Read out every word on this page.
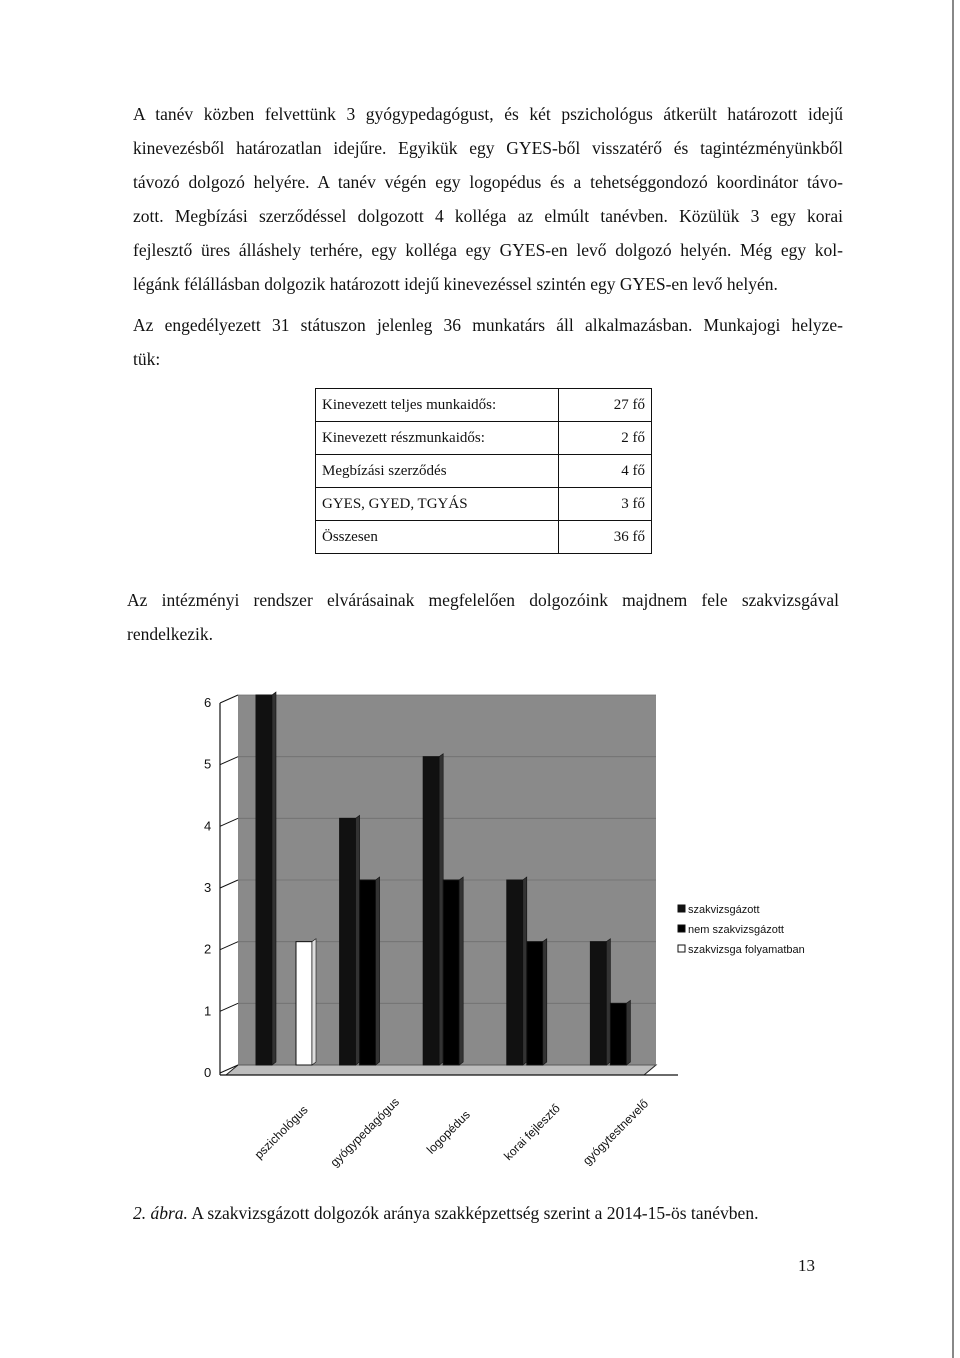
A tanév közben felvettünk 3 gyógypedagógust, és két pszichológus átkerült határozott idejű
kinevezésből határozatlan idejűre. Egyikük egy GYES-ből visszatérő és tagintézményünkből
távozó dolgozó helyére. A tanév végén egy logopédus és a tehetséggondozó koordinátor távo-
zott. Megbízási szerződéssel dolgozott 4 kolléga az elmúlt tanévben. Közülük 3 egy korai
fejlesztő üres álláshely terhére, egy kolléga egy GYES-en levő dolgozó helyén. Még egy kol-
légánk félállásban dolgozik határozott idejű kinevezéssel szintén egy GYES-en levő helyén.
Az engedélyezett 31 státuszon jelenleg 36 munkatárs áll alkalmazásban. Munkajogi helyze-
tük:
Kinevezett teljes munkaidős:	27 fő
Kinevezett részmunkaidős:	2 fő
Megbízási szerződés	4 fő
GYES, GYED, TGYÁS	3 fő
Összesen	36 fő
Az intézményi rendszer elvárásainak megfelelően dolgozóink majdnem fele szakvizsgával
rendelkezik.
0
1
2
3
4
5
6
pszichológus gyógypedagógus logopédus korai fejlesztő gyógytestnevelő
szakvizsgázott
nem szakvizsgázott
szakvizsga folyamatban
2. ábra. A szakvizsgázott dolgozók aránya szakképzettség szerint a 2014-15-ös tanévben.
13
